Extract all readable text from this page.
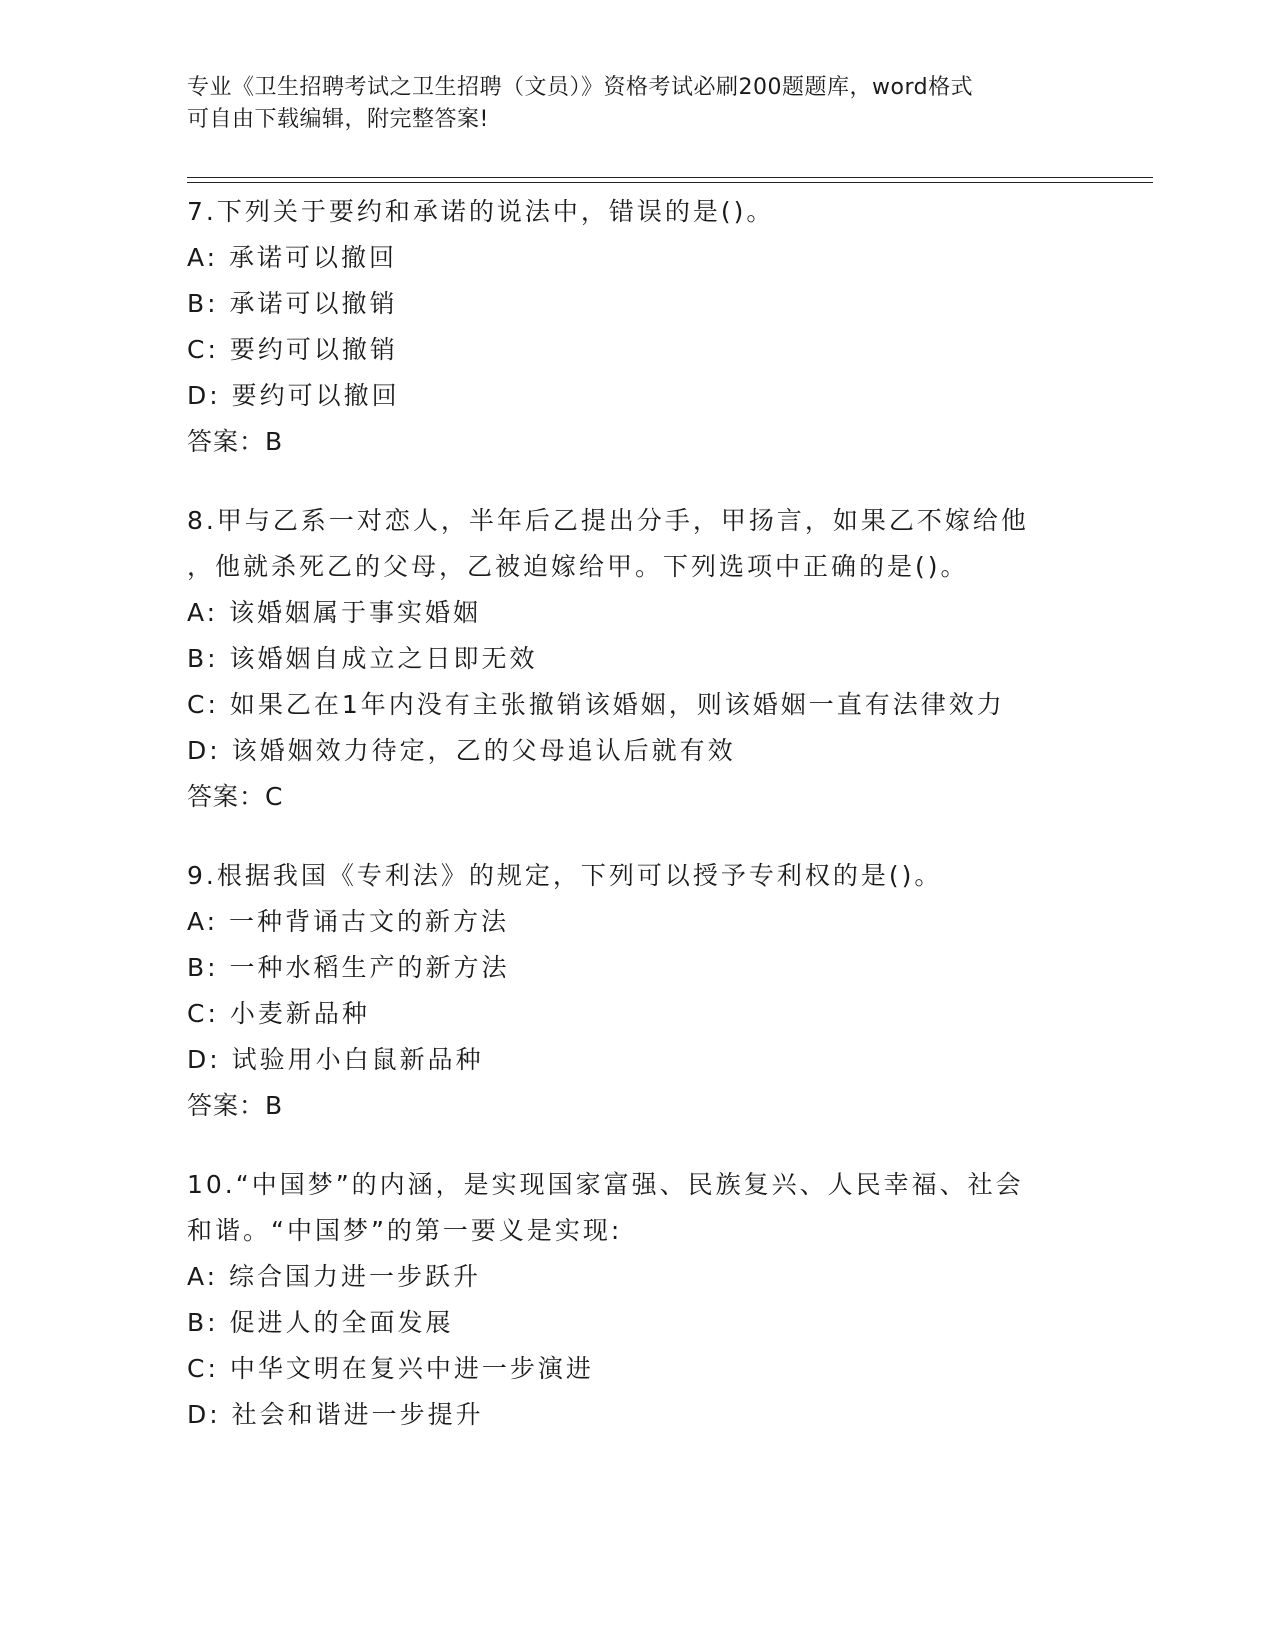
专业《卫生招聘考试之卫生招聘（文员）》资格考试必刷200题题库，word格式
可自由下载编辑，附完整答案!
7.下列关于要约和承诺的说法中，错误的是()。
A: 承诺可以撤回
B: 承诺可以撤销
C: 要约可以撤销
D: 要约可以撤回
答案：B
8.甲与乙系一对恋人，半年后乙提出分手，甲扬言，如果乙不嫁给他
，他就杀死乙的父母，乙被迫嫁给甲。下列选项中正确的是()。
A: 该婚姻属于事实婚姻
B: 该婚姻自成立之日即无效
C: 如果乙在1年内没有主张撤销该婚姻，则该婚姻一直有法律效力
D: 该婚姻效力待定，乙的父母追认后就有效
答案：C
9.根据我国《专利法》的规定，下列可以授予专利权的是()。
A: 一种背诵古文的新方法
B: 一种水稻生产的新方法
C: 小麦新品种
D: 试验用小白鼠新品种
答案：B
10.“中国梦”的内涵，是实现国家富强、民族复兴、人民幸福、社会
和谐。“中国梦”的第一要义是实现:
A: 综合国力进一步跃升
B: 促进人的全面发展
C: 中华文明在复兴中进一步演进
D: 社会和谐进一步提升
